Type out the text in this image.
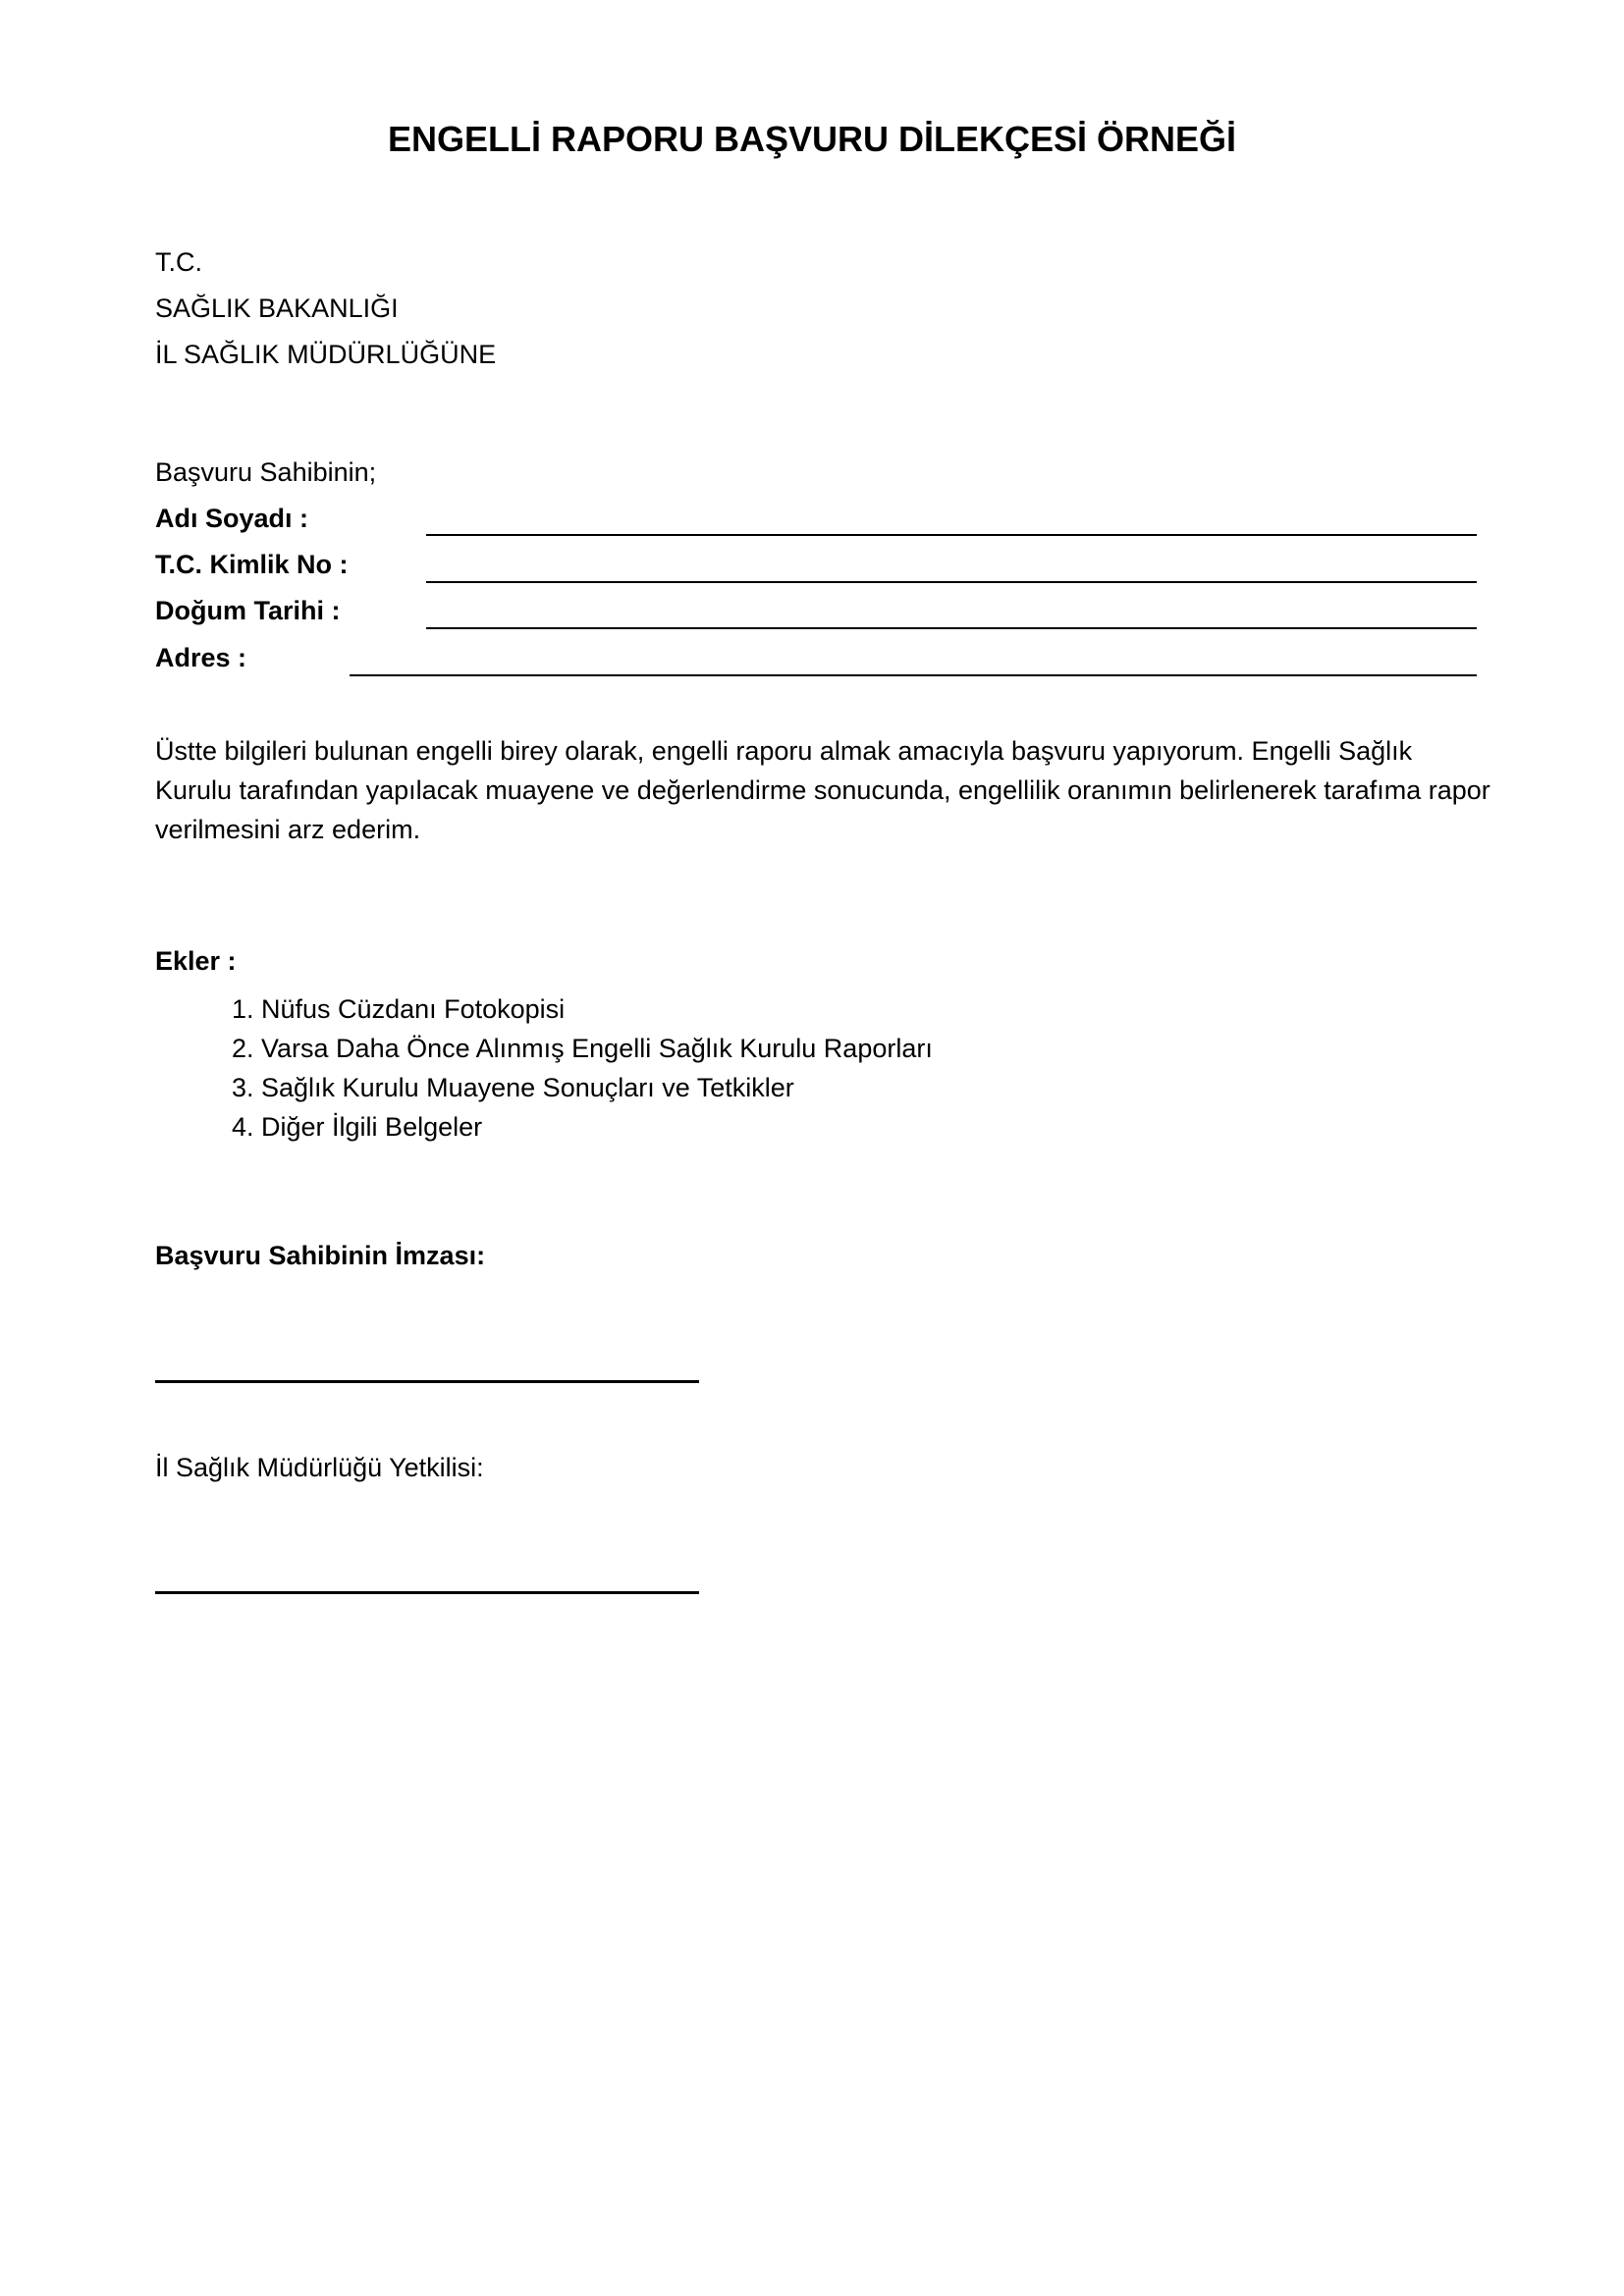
ENGELLİ RAPORU BAŞVURU DİLEKÇESİ ÖRNEĞİ
T.C.
SAĞLIK BAKANLIĞI
İL SAĞLIK MÜDÜRLÜĞÜNE
Başvuru Sahibinin;
Adı Soyadı :
T.C. Kimlik No :
Doğum Tarihi :
Adres :
Üstte bilgileri bulunan engelli birey olarak, engelli raporu almak amacıyla başvuru yapıyorum. Engelli Sağlık Kurulu tarafından yapılacak muayene ve değerlendirme sonucunda, engellilik oranımın belirlenerek tarafıma rapor verilmesini arz ederim.
Ekler :
1. Nüfus Cüzdanı Fotokopisi
2. Varsa Daha Önce Alınmış Engelli Sağlık Kurulu Raporları
3. Sağlık Kurulu Muayene Sonuçları ve Tetkikler
4. Diğer İlgili Belgeler
Başvuru Sahibinin İmzası:
İl Sağlık Müdürlüğü Yetkilisi:
